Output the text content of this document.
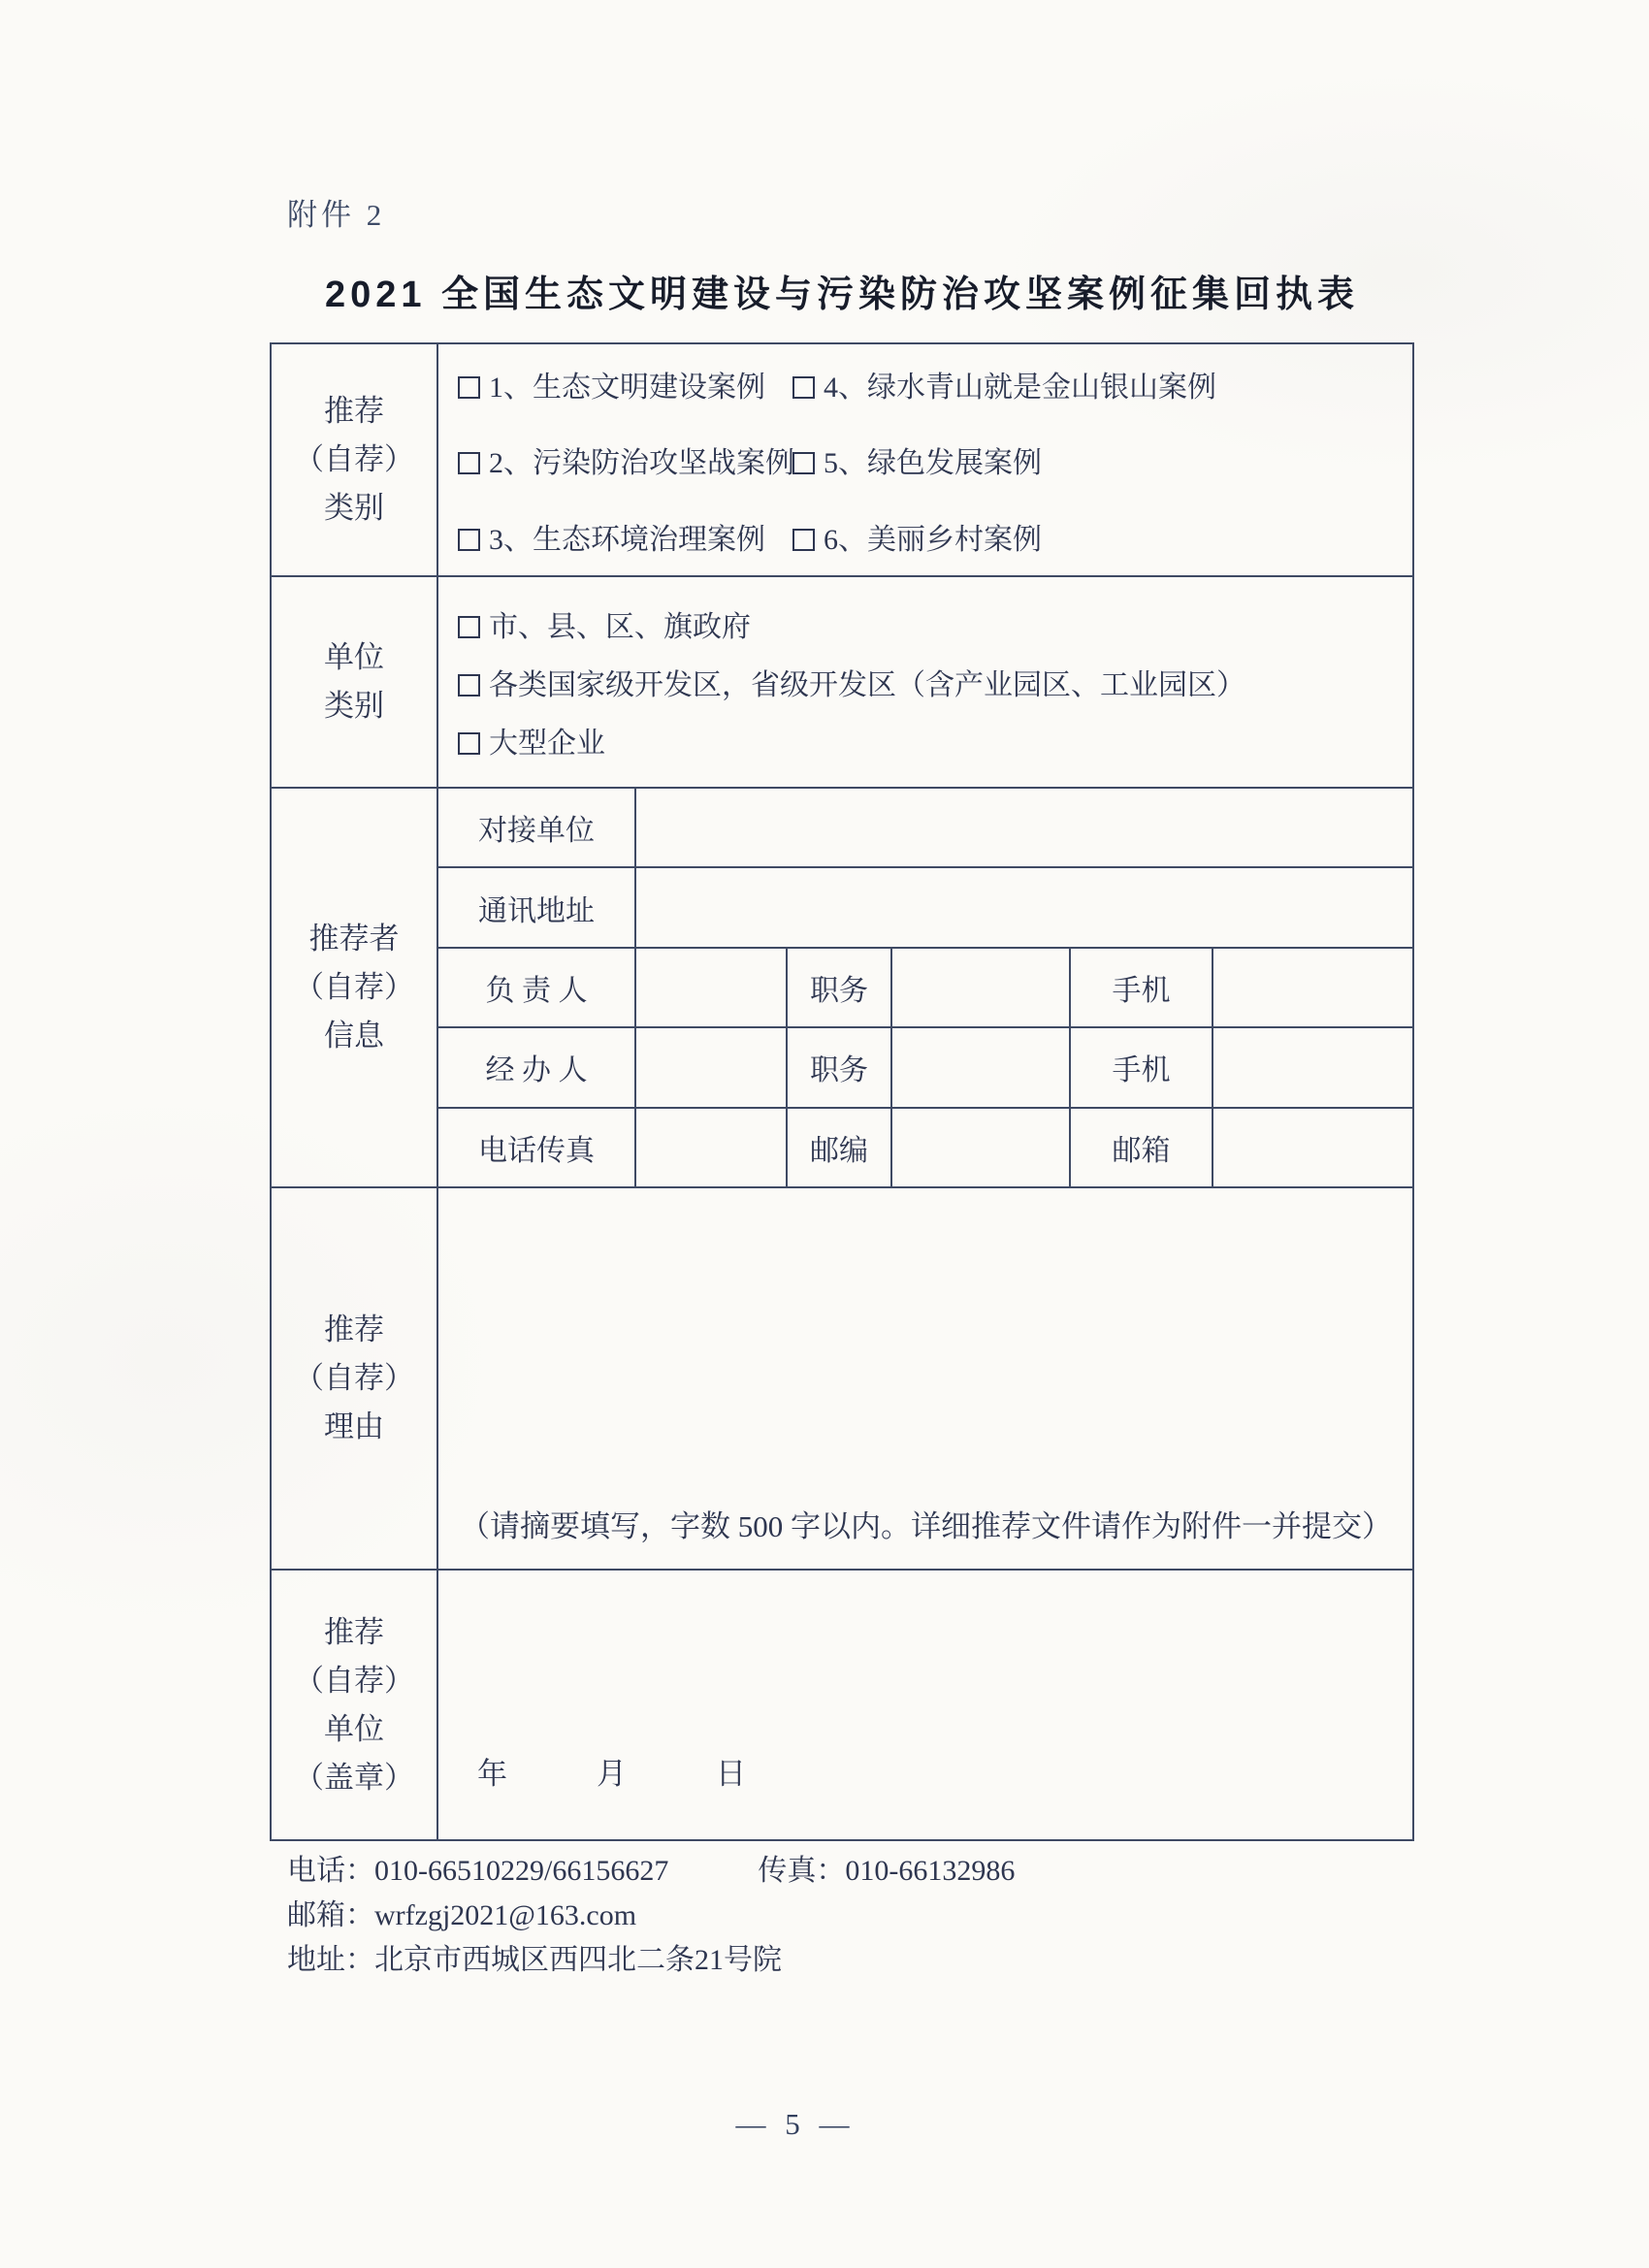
附件 2
2021 全国生态文明建设与污染防治攻坚案例征集回执表
推荐
（自荐）
类别
1、生态文明建设案例	4、绿水青山就是金山银山案例
2、污染防治攻坚战案例	5、绿色发展案例
3、生态环境治理案例	6、美丽乡村案例
单位
类别
市、县、区、旗政府
各类国家级开发区，省级开发区（含产业园区、工业园区）
大型企业
推荐者
（自荐）
信息
对接单位
通讯地址
负 责 人	职务	手机
经 办 人	职务	手机
电话传真	邮编	邮箱
推荐
（自荐）
理由
（请摘要填写，字数 500 字以内。详细推荐文件请作为附件一并提交）
推荐
（自荐）
单位
（盖章） 年	月	日
电话：010-66510229/66156627	传真：010-66132986
邮箱：wrfzgj2021@163.com
地址：北京市西城区西四北二条21号院
— 5 —
